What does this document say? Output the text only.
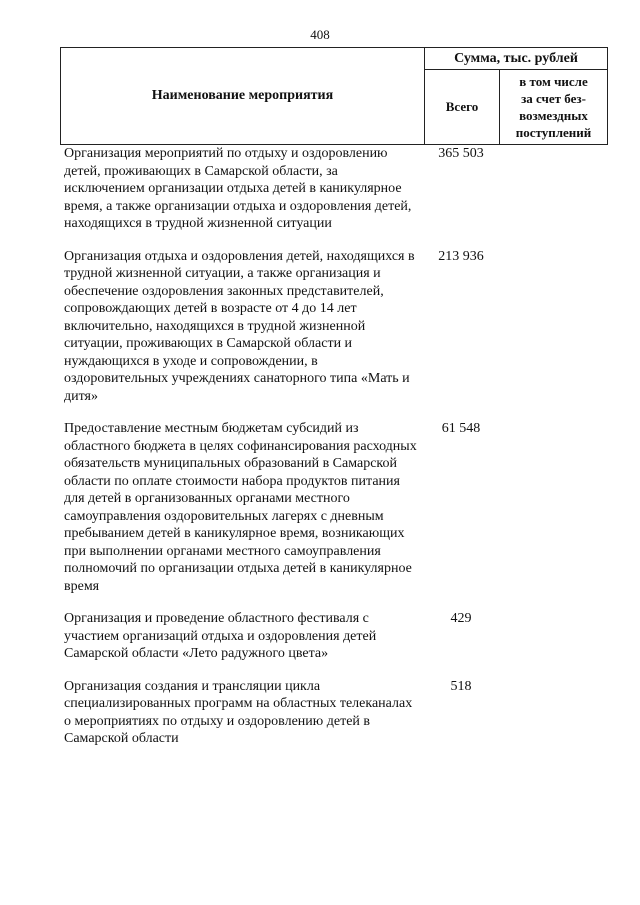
408
Наименование мероприятия
Сумма, тыс. рублей
Всего
в том числе
за счет без-
возмездных
поступлений
Организация мероприятий по отдыху и оздоровлению детей, проживающих в Самарской области, за исключением организации отдыха детей в каникулярное время, а также организации отдыха и оздоровления детей, находящихся в трудной жизненной ситуации
365 503
Организация отдыха и оздоровления детей, находящихся в трудной жизненной ситуации, а также организация и обеспечение оздоровления законных представителей, сопровождающих детей в возрасте от 4 до 14 лет включительно, находящихся в трудной жизненной ситуации, проживающих в Самарской области и нуждающихся в уходе и сопровождении, в оздоровительных учреждениях санаторного типа «Мать и дитя»
213 936
Предоставление местным бюджетам субсидий из областного бюджета в целях софинансирования расходных обязательств муниципальных образований в Самарской области по оплате стоимости набора продуктов питания для детей в организованных органами местного самоуправления оздоровительных лагерях с дневным пребыванием детей в каникулярное время, возникающих при выполнении органами местного самоуправления полномочий по организации отдыха детей в каникулярное время
61 548
Организация и проведение областного фестиваля с участием организаций отдыха и оздоровления детей Самарской области «Лето радужного цвета»
429
Организация создания и трансляции цикла специализированных программ на областных телеканалах о мероприятиях по отдыху и оздоровлению детей в Самарской области
518
